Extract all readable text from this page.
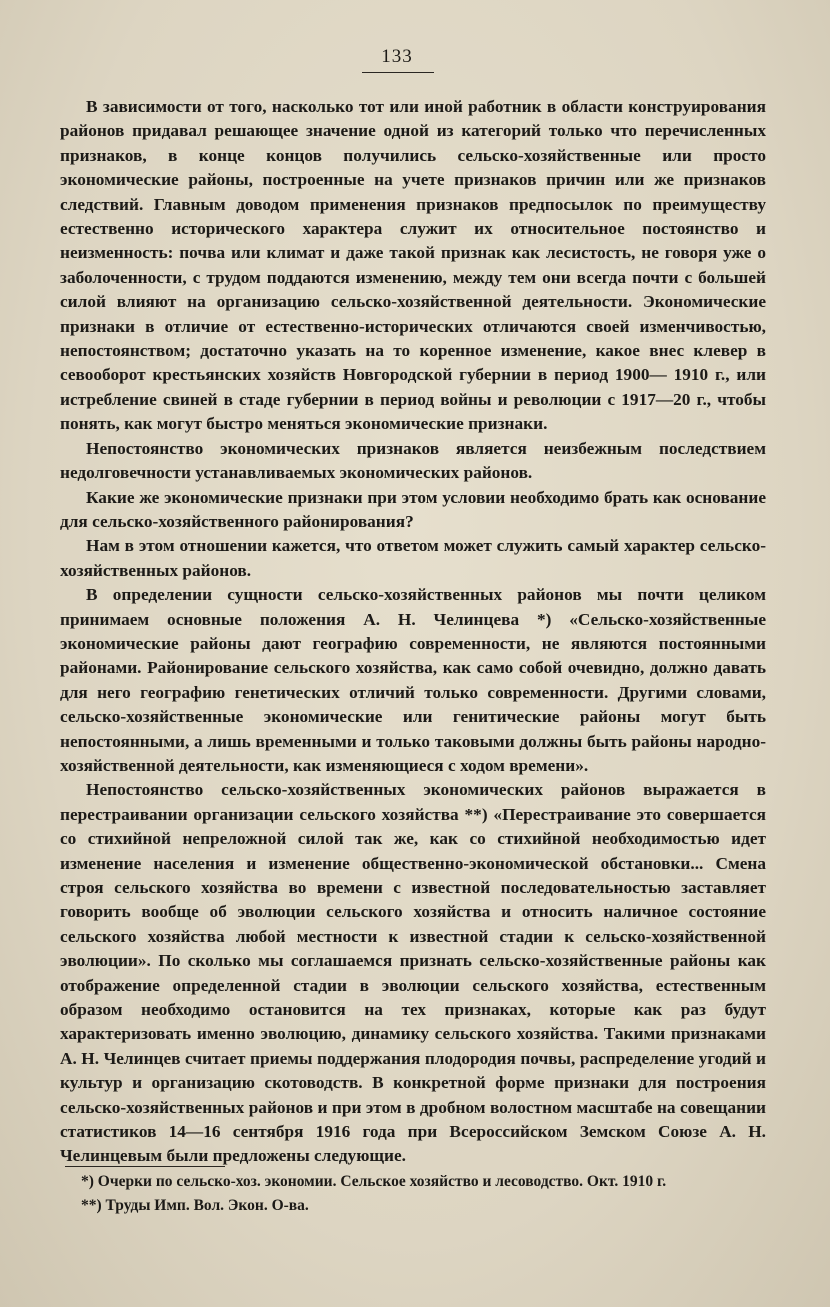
133

В зависимости от того, насколько тот или иной работник в области конструирования районов придавал решающее значение одной из категорий только что перечисленных признаков, в конце концов получились сельско-хозяйственные или просто экономические районы, построенные на учете признаков причин или же признаков следствий. Главным доводом применения признаков предпосылок по преимуществу естественно исторического характера служит их относительное постоянство и неизменность: почва или климат и даже такой признак как лесистость, не говоря уже о заболоченности, с трудом поддаются изменению, между тем они всегда почти с большей силой влияют на организацию сельско-хозяйственной деятельности. Экономические признаки в отличие от естественно-исторических отличаются своей изменчивостью, непостоянством; достаточно указать на то коренное изменение, какое внес клевер в севооборот крестьянских хозяйств Новгородской губернии в период 1900— 1910 г., или истребление свиней в стаде губернии в период войны и революции с 1917—20 г., чтобы понять, как могут быстро меняться экономические признаки.

Непостоянство экономических признаков является неизбежным последствием недолговечности устанавливаемых экономических районов.

Какие же экономические признаки при этом условии необходимо брать как основание для сельско-хозяйственного районирования?

Нам в этом отношении кажется, что ответом может служить самый характер сельско-хозяйственных районов.

В определении сущности сельско-хозяйственных районов мы почти целиком принимаем основные положения А. Н. Челинцева *) «Сельско-хозяйственные экономические районы дают географию современности, не являются постоянными районами. Районирование сельского хозяйства, как само собой очевидно, должно давать для него географию генетических отличий только современности. Другими словами, сельско-хозяйственные экономические или генитические районы могут быть непостоянными, а лишь временными и только таковыми должны быть районы народно-хозяйственной деятельности, как изменяющиеся с ходом времени».

Непостоянство сельско-хозяйственных экономических районов выражается в перестраивании организации сельского хозяйства **) «Перестраивание это совершается со стихийной непреложной силой так же, как со стихийной необходимостью идет изменение населения и изменение общественно-экономической обстановки... Смена строя сельского хозяйства во времени с известной последовательностью заставляет говорить вообще об эволюции сельского хозяйства и относить наличное состояние сельского хозяйства любой местности к известной стадии к сельско-хозяйственной эволюции». По сколько мы соглашаемся признать сельско-хозяйственные районы как отображение определенной стадии в эволюции сельского хозяйства, естественным образом необходимо остановится на тех признаках, которые как раз будут характеризовать именно эволюцию, динамику сельского хозяйства. Такими признаками А. Н. Челинцев считает приемы поддержания плодородия почвы, распределение угодий и культур и организацию скотоводств. В конкретной форме признаки для построения сельско-хозяйственных районов и при этом в дробном волостном масштабе на совещании статистиков 14—16 сентября 1916 года при Всероссийском Земском Союзе А. Н. Челинцевым были предложены следующие.

*) Очерки по сельско-хоз. экономии. Сельское хозяйство и лесоводство. Окт. 1910 г.

**) Труды Имп. Вол. Экон. О-ва.
